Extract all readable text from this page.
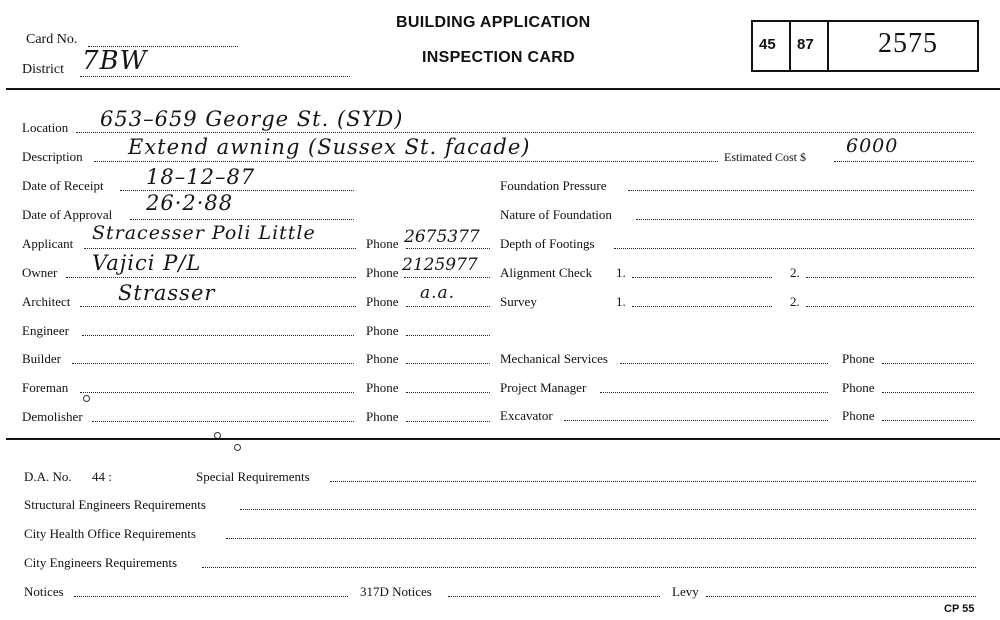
Card No.
District 7BW
BUILDING APPLICATION
INSPECTION CARD
45 87 2575
Location 653–659 George St. (SYD)
Description Extend awning (Sussex St. facade)	Estimated Cost $ 6000
Date of Receipt 18–12–87
Date of Approval 26·2·88
Applicant Stracesser Poli Little	Phone 2675377
Owner Vajici P/L	Phone 2125977
Architect Strasser	Phone a.a.
Engineer	Phone
Builder	Phone
Foreman	Phone
Demolisher	Phone
Foundation Pressure
Nature of Foundation
Depth of Footings
Alignment Check 1.	2.
Survey	1.	2.
Mechanical Services	Phone
Project Manager	Phone
Excavator	Phone
D.A. No. 44 :	Special Requirements
Structural Engineers Requirements
City Health Office Requirements
City Engineers Requirements
Notices	317D Notices	Levy
CP 55
